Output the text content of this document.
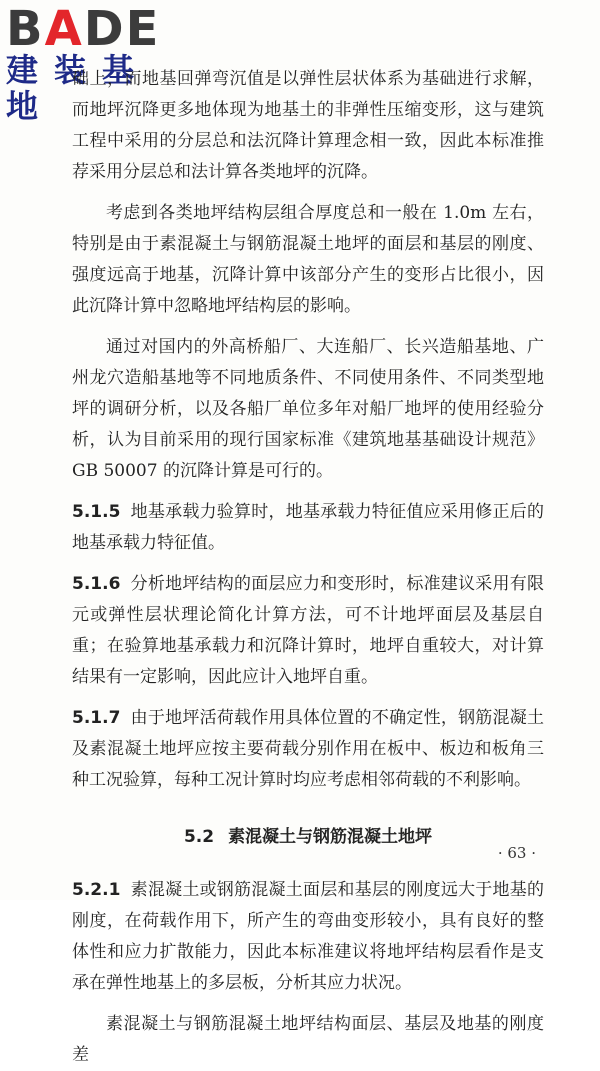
BADE
建装基地

础上，而地基回弹弯沉值是以弹性层状体系为基础进行求解，而地坪沉降更多地体现为地基土的非弹性压缩变形，这与建筑工程中采用的分层总和法沉降计算理念相一致，因此本标准推荐采用分层总和法计算各类地坪的沉降。

考虑到各类地坪结构层组合厚度总和一般在 1.0m 左右，特别是由于素混凝土与钢筋混凝土地坪的面层和基层的刚度、强度远高于地基，沉降计算中该部分产生的变形占比很小，因此沉降计算中忽略地坪结构层的影响。

通过对国内的外高桥船厂、大连船厂、长兴造船基地、广州龙穴造船基地等不同地质条件、不同使用条件、不同类型地坪的调研分析，以及各船厂单位多年对船厂地坪的使用经验分析，认为目前采用的现行国家标准《建筑地基基础设计规范》GB 50007 的沉降计算是可行的。

5.1.5 地基承载力验算时，地基承载力特征值应采用修正后的地基承载力特征值。

5.1.6 分析地坪结构的面层应力和变形时，标准建议采用有限元或弹性层状理论简化计算方法，可不计地坪面层及基层自重；在验算地基承载力和沉降计算时，地坪自重较大，对计算结果有一定影响，因此应计入地坪自重。

5.1.7 由于地坪活荷载作用具体位置的不确定性，钢筋混凝土及素混凝土地坪应按主要荷载分别作用在板中、板边和板角三种工况验算，每种工况计算时均应考虑相邻荷载的不利影响。

5.2 素混凝土与钢筋混凝土地坪

5.2.1 素混凝土或钢筋混凝土面层和基层的刚度远大于地基的刚度，在荷载作用下，所产生的弯曲变形较小，具有良好的整体性和应力扩散能力，因此本标准建议将地坪结构层看作是支承在弹性地基上的多层板，分析其应力状况。

素混凝土与钢筋混凝土地坪结构面层、基层及地基的刚度差

· 63 ·
